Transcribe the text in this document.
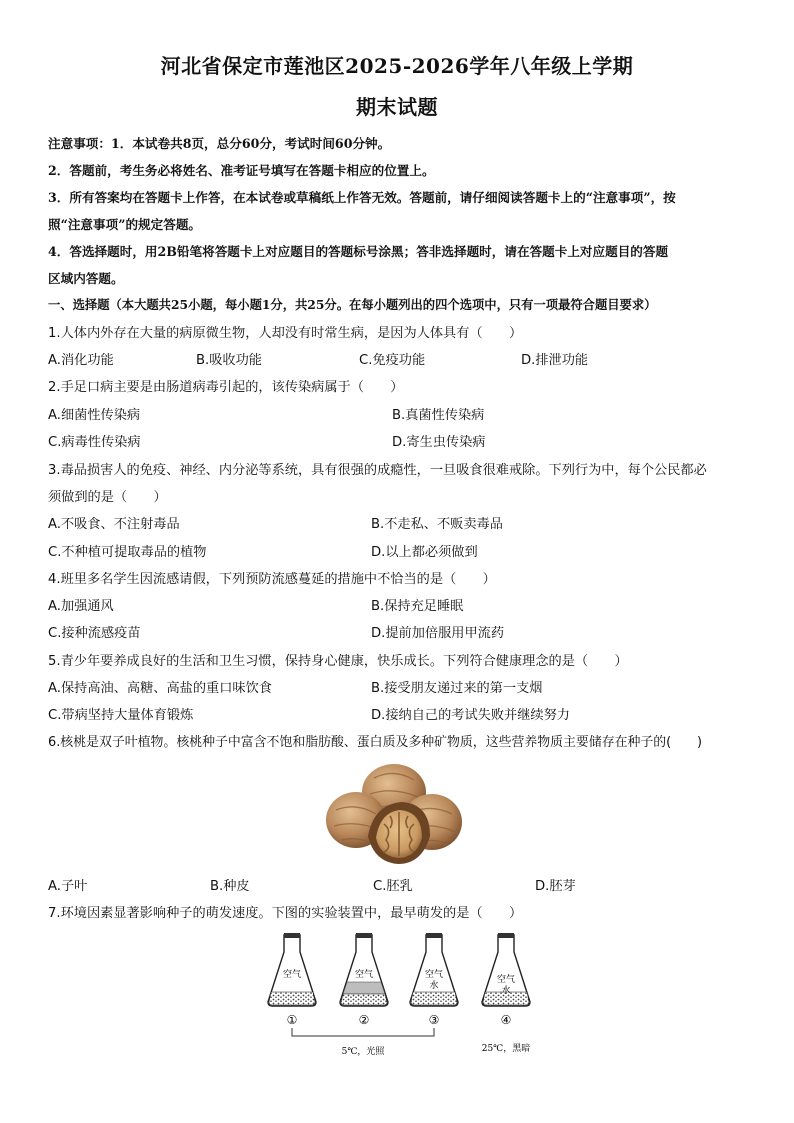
河北省保定市莲池区2025-2026学年八年级上学期
期末试题
注意事项：1．本试卷共8页，总分60分，考试时间60分钟。
2．答题前，考生务必将姓名、准考证号填写在答题卡相应的位置上。
3．所有答案均在答题卡上作答，在本试卷或草稿纸上作答无效。答题前，请仔细阅读答题卡上的“注意事项”，按
照“注意事项”的规定答题。
4．答选择题时，用2B铅笔将答题卡上对应题目的答题标号涂黑；答非选择题时，请在答题卡上对应题目的答题
区域内答题。
一、选择题（本大题共25小题，每小题1分，共25分。在每小题列出的四个选项中，只有一项最符合题目要求）
1.人体内外存在大量的病原微生物，人却没有时常生病，是因为人体具有（　　）
A.消化功能	B.吸收功能	C.免疫功能	D.排泄功能
2.手足口病主要是由肠道病毒引起的，该传染病属于（　　）
A.细菌性传染病	B.真菌性传染病
C.病毒性传染病	D.寄生虫传染病
3.毒品损害人的免疫、神经、内分泌等系统，具有很强的成瘾性，一旦吸食很难戒除。下列行为中，每个公民都必
须做到的是（　　）
A.不吸食、不注射毒品	B.不走私、不贩卖毒品
C.不种植可提取毒品的植物	D.以上都必须做到
4.班里多名学生因流感请假，下列预防流感蔓延的措施中不恰当的是（　　）
A.加强通风	B.保持充足睡眠
C.接种流感疫苗	D.提前加倍服用甲流药
5.青少年要养成良好的生活和卫生习惯，保持身心健康，快乐成长。下列符合健康理念的是（　　）
A.保持高油、高糖、高盐的重口味饮食	B.接受朋友递过来的第一支烟
C.带病坚持大量体育锻炼	D.接纳自己的考试失败并继续努力
6.核桃是双子叶植物。核桃种子中富含不饱和脂肪酸、蛋白质及多种矿物质，这些营养物质主要储存在种子的(　　)
A.子叶	B.种皮	C.胚乳	D.胚芽
7.环境因素显著影响种子的萌发速度。下图的实验装置中，最早萌发的是（　　）
空气	空气	空气	空气
水	水
①	②	③	④
5℃，光照	25℃，黑暗
